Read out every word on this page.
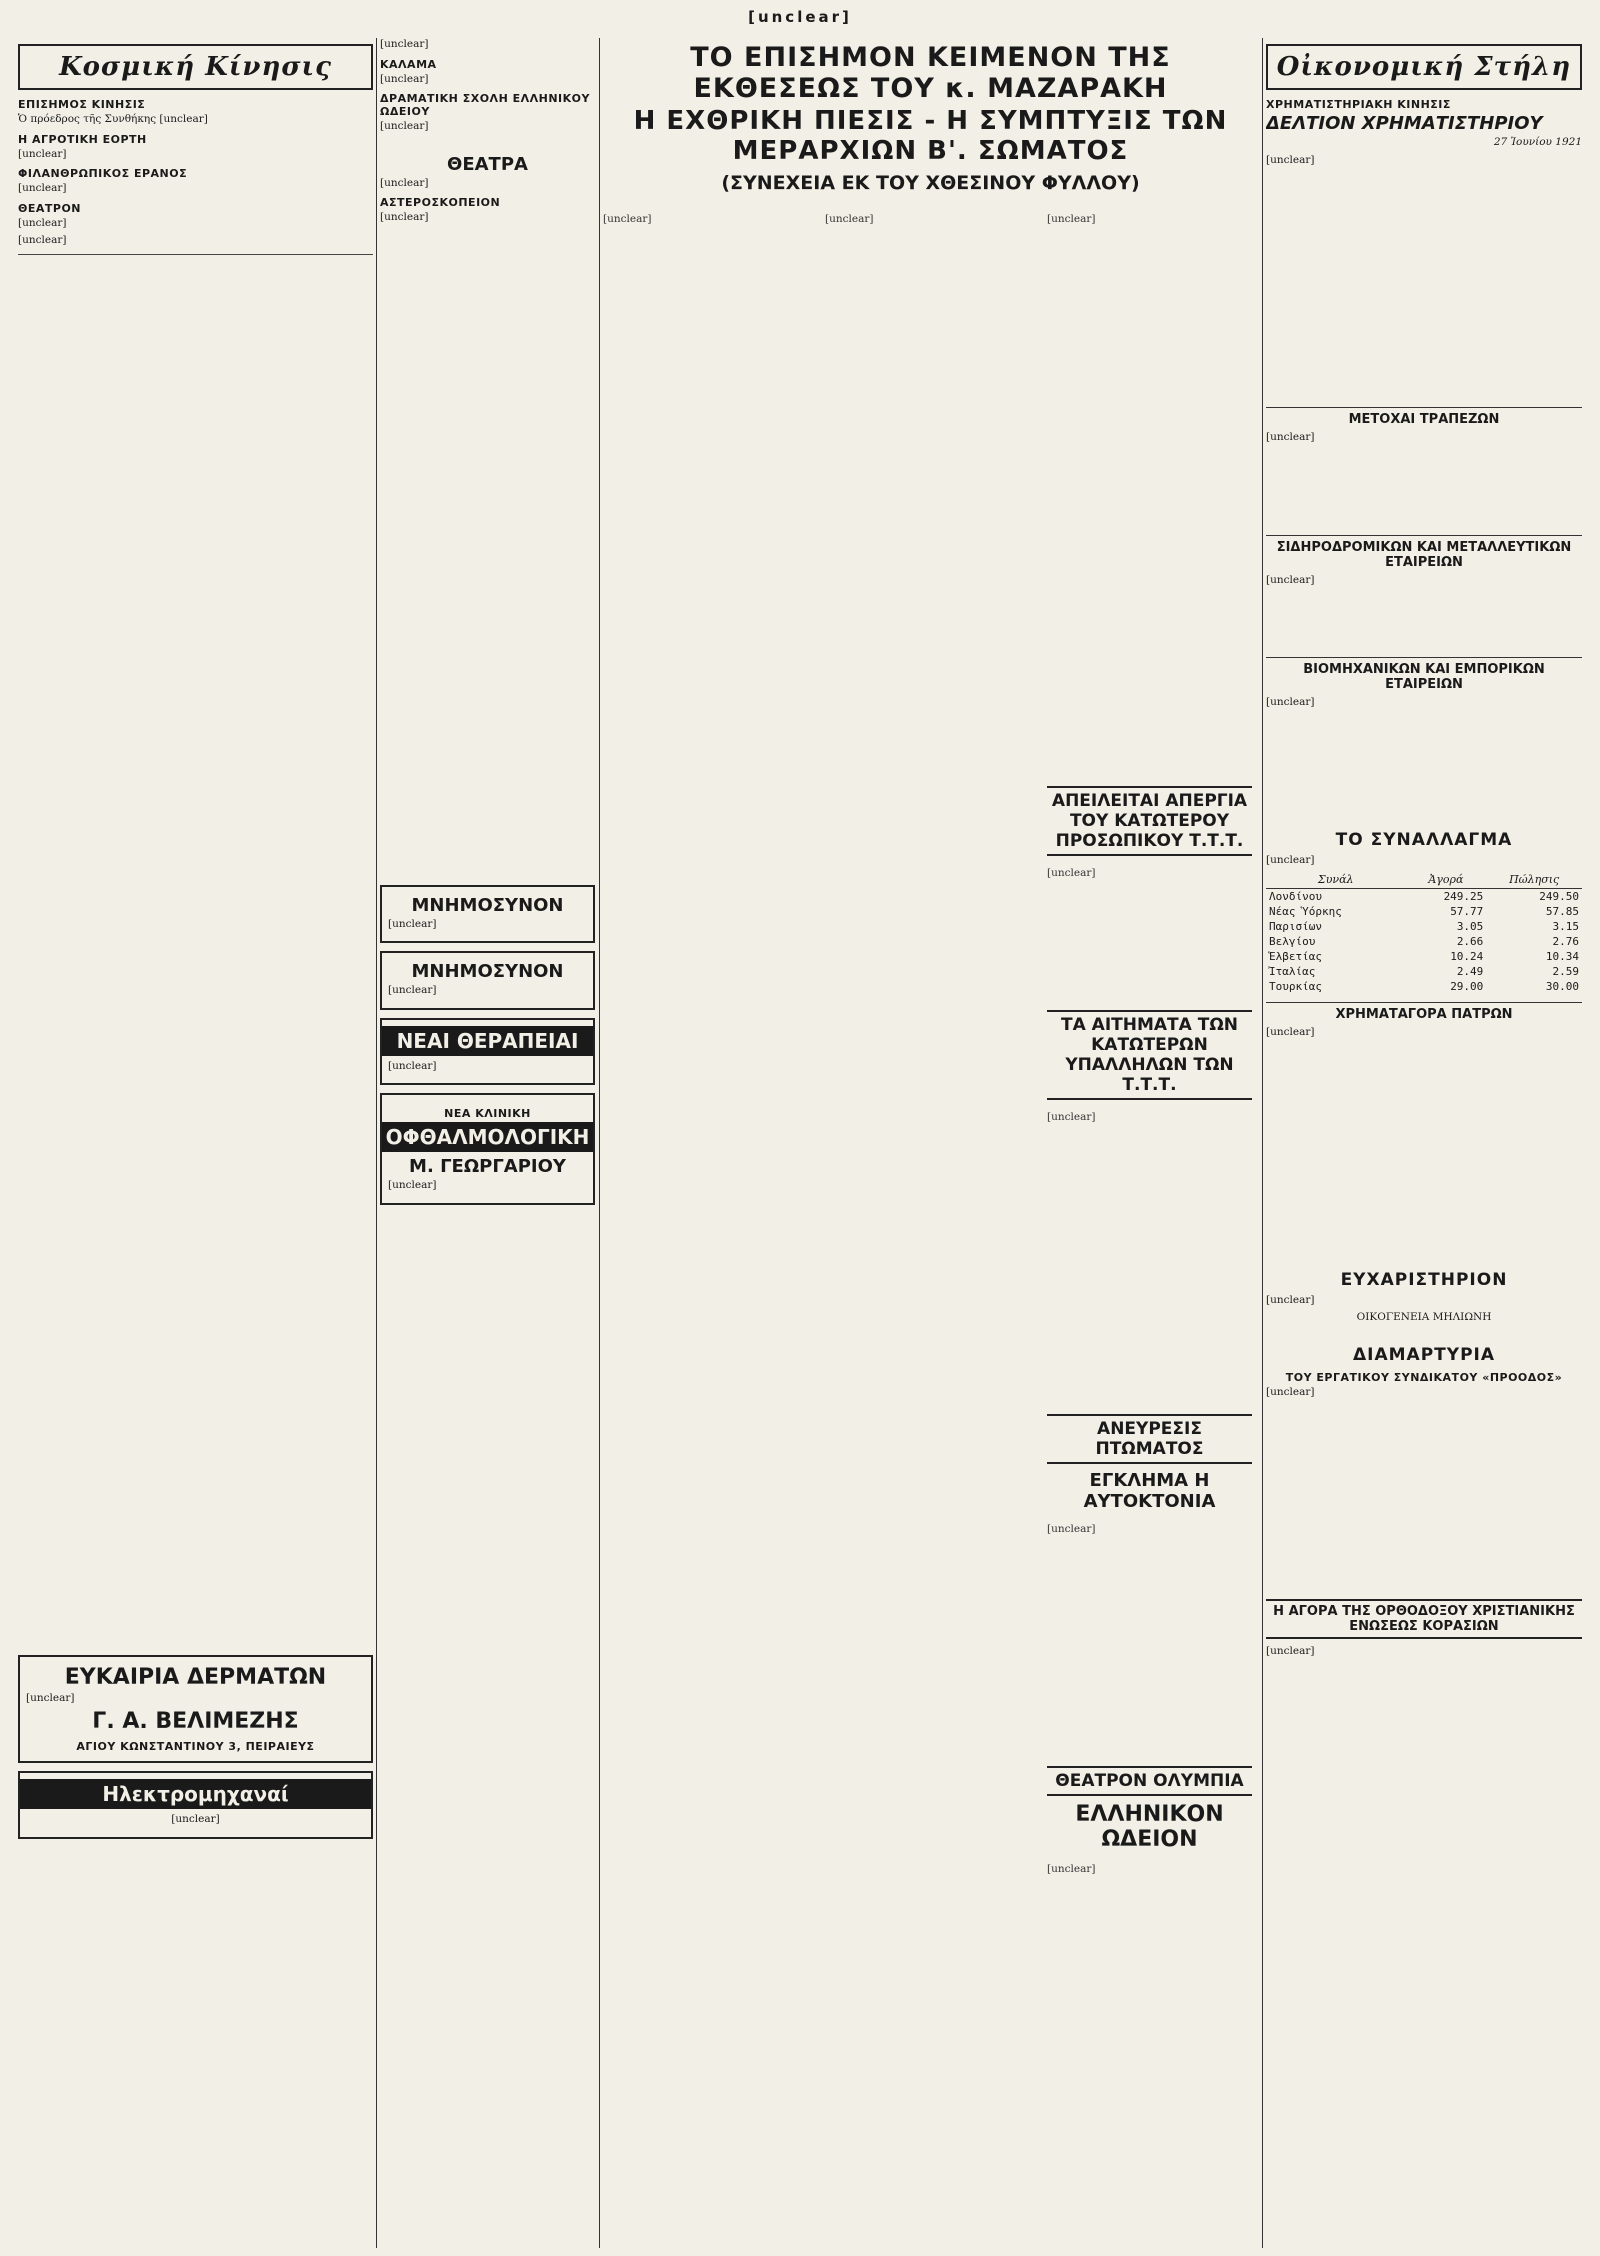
[unclear]
Κοσμική Κίνησις
ΕΠΙΣΗΜΟΣ ΚΙΝΗΣΙΣ

Ὁ πρόεδρος τῆς Συνθήκης [unclear]

Η ΑΓΡΟΤΙΚΗ ΕΟΡΤΗ

[unclear]

ΦΙΛΑΝΘΡΩΠΙΚΟΣ ΕΡΑΝΟΣ

[unclear]

ΘΕΑΤΡΟΝ

[unclear]

[unclear]

ΕΥΚΑΙΡΙΑ ΔΕΡΜΑΤΩΝ

[unclear]

Γ. Α. ΒΕΛΙΜΕΖΗΣ
ΑΓΙΟΥ ΚΩΝΣΤΑΝΤΙΝΟΥ 3, ΠΕΙΡΑΙΕΥΣ
Ηλεκτρομηχαναί

[unclear]

[unclear]

ΚΑΛΑΜΑ

[unclear]

ΔΡΑΜΑΤΙΚΗ ΣΧΟΛΗ ΕΛΛΗΝΙΚΟΥ ΩΔΕΙΟΥ

[unclear]

ΘΕΑΤΡΑ

[unclear]

ΑΣΤΕΡΟΣΚΟΠΕΙΟΝ

[unclear]

ΜΝΗΜΟΣΥΝΟΝ

[unclear]

ΜΝΗΜΟΣΥΝΟΝ

[unclear]

ΝΕΑΙ ΘΕΡΑΠΕΙΑΙ

[unclear]

ΝΕΑ ΚΛΙΝΙΚΗ
ΟΦΘΑΛΜΟΛΟΓΙΚΗ
Μ. ΓΕΩΡΓΑΡΙΟΥ

[unclear]

ΤΟ ΕΠΙΣΗΜΟΝ ΚΕΙΜΕΝΟΝ ΤΗΣ ΕΚΘΕΣΕΩΣ ΤΟΥ κ. ΜΑΖΑΡΑΚΗ
Η ΕΧΘΡΙΚΗ ΠΙΕΣΙΣ - Η ΣΥΜΠΤΥΞΙΣ ΤΩΝ ΜΕΡΑΡΧΙΩΝ Β'. ΣΩΜΑΤΟΣ
(ΣΥΝΕΧΕΙΑ ΕΚ ΤΟΥ ΧΘΕΣΙΝΟΥ ΦΥΛΛΟΥ)

[unclear]	[unclear]	[unclear]

ΑΠΕΙΛΕΙΤΑΙ ΑΠΕΡΓΙΑ ΤΟΥ ΚΑΤΩΤΕΡΟΥ ΠΡΟΣΩΠΙΚΟΥ Τ.Τ.Τ.

[unclear]

ΤΑ ΑΙΤΗΜΑΤΑ ΤΩΝ ΚΑΤΩΤΕΡΩΝ ΥΠΑΛΛΗΛΩΝ ΤΩΝ Τ.Τ.Τ.

[unclear]

ΑΝΕΥΡΕΣΙΣ ΠΤΩΜΑΤΟΣ
ΕΓΚΛΗΜΑ Η ΑΥΤΟΚΤΟΝΙΑ

[unclear]

ΘΕΑΤΡΟΝ ΟΛΥΜΠΙΑ
ΕΛΛΗΝΙΚΟΝ ΩΔΕΙΟΝ

[unclear]

Οἰκονομική Στήλη
ΧΡΗΜΑΤΙΣΤΗΡΙΑΚΗ ΚΙΝΗΣΙΣ
ΔΕΛΤΙΟΝ ΧΡΗΜΑΤΙΣΤΗΡΙΟΥ
27 Ἰουνίου 1921

[unclear]

ΜΕΤΟΧΑΙ ΤΡΑΠΕΖΩΝ

[unclear]

ΣΙΔΗΡΟΔΡΟΜΙΚΩΝ ΚΑΙ ΜΕΤΑΛΛΕΥΤΙΚΩΝ ΕΤΑΙΡΕΙΩΝ

[unclear]

ΒΙΟΜΗΧΑΝΙΚΩΝ ΚΑΙ ΕΜΠΟΡΙΚΩΝ ΕΤΑΙΡΕΙΩΝ

[unclear]

ΤΟ ΣΥΝΑΛΛΑΓΜΑ

[unclear]

Συνάλ	Ἀγορά	Πώλησις
Λονδίνου	249.25	249.50
Νέας Ὑόρκης	57.77	57.85
Παρισίων	3.05	3.15
Βελγίου	2.66	2.76
Ἑλβετίας	10.24	10.34
Ἰταλίας	2.49	2.59
Τουρκίας	29.00	30.00
ΧΡΗΜΑΤΑΓΟΡΑ ΠΑΤΡΩΝ

[unclear]

ΕΥΧΑΡΙΣΤΗΡΙΟΝ

[unclear]

ΟΙΚΟΓΕΝΕΙΑ ΜΗΛΙΩΝΗ
ΔΙΑΜΑΡΤΥΡΙΑ
ΤΟΥ ΕΡΓΑΤΙΚΟΥ ΣΥΝΔΙΚΑΤΟΥ «ΠΡΟΟΔΟΣ»

[unclear]

Η ΑΓΟΡΑ ΤΗΣ ΟΡΘΟΔΟΞΟΥ ΧΡΙΣΤΙΑΝΙΚΗΣ ΕΝΩΣΕΩΣ ΚΟΡΑΣΙΩΝ

[unclear]
